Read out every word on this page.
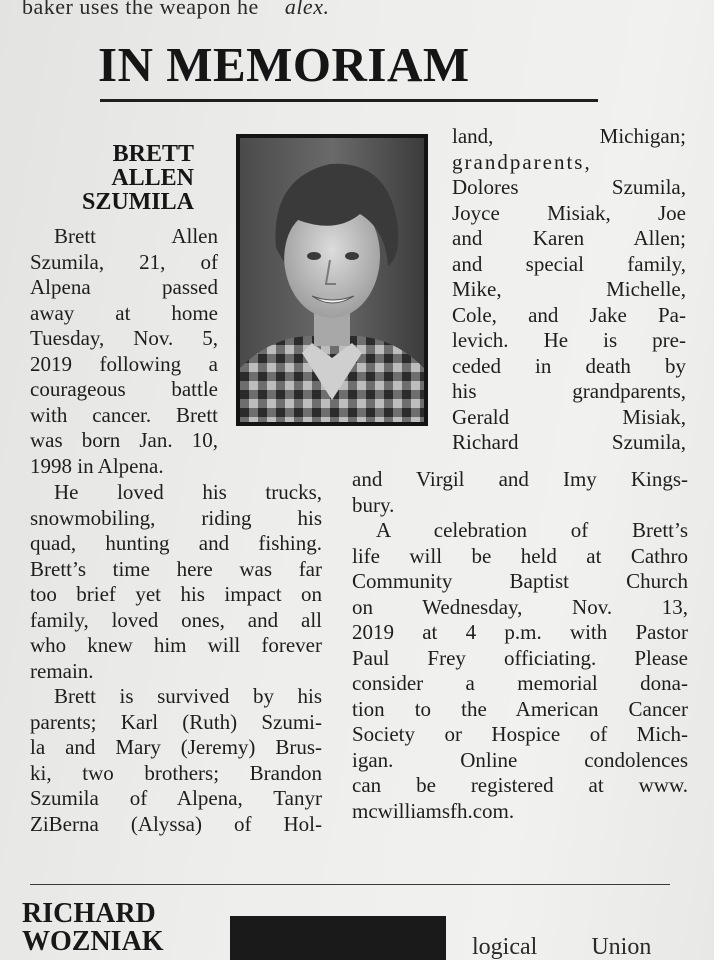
baker uses the weapon he alex.
IN MEMORIAM
BRETT
ALLEN
SZUMILA
Brett Allen
Szumila, 21, of
Alpena passed
away at home
Tuesday, Nov. 5,
2019 following a
courageous battle
with cancer. Brett
was born Jan. 10,
1998 in Alpena.
He loved his trucks,
snowmobiling, riding his
quad, hunting and fishing.
Brett’s time here was far
too brief yet his impact on
family, loved ones, and all
who knew him will forever
remain.
Brett is survived by his
parents; Karl (Ruth) Szumi-
la and Mary (Jeremy) Brus-
ki, two brothers; Brandon
Szumila of Alpena, Tanyr
ZiBerna (Alyssa) of Hol-
land, Michigan;
grandparents,
Dolores Szumila,
Joyce Misiak, Joe
and Karen Allen;
and special family,
Mike, Michelle,
Cole, and Jake Pa-
levich. He is pre-
ceded in death by
his grandparents,
Gerald Misiak,
Richard Szumila,
and Virgil and Imy Kings-
bury.
A celebration of Brett’s
life will be held at Cathro
Community Baptist Church
on Wednesday, Nov. 13,
2019 at 4 p.m. with Pastor
Paul Frey officiating. Please
consider a memorial dona-
tion to the American Cancer
Society or Hospice of Mich-
igan. Online condolences
can be registered at www.
mcwilliamsfh.com.
RICHARD
WOZNIAK	logical Union
